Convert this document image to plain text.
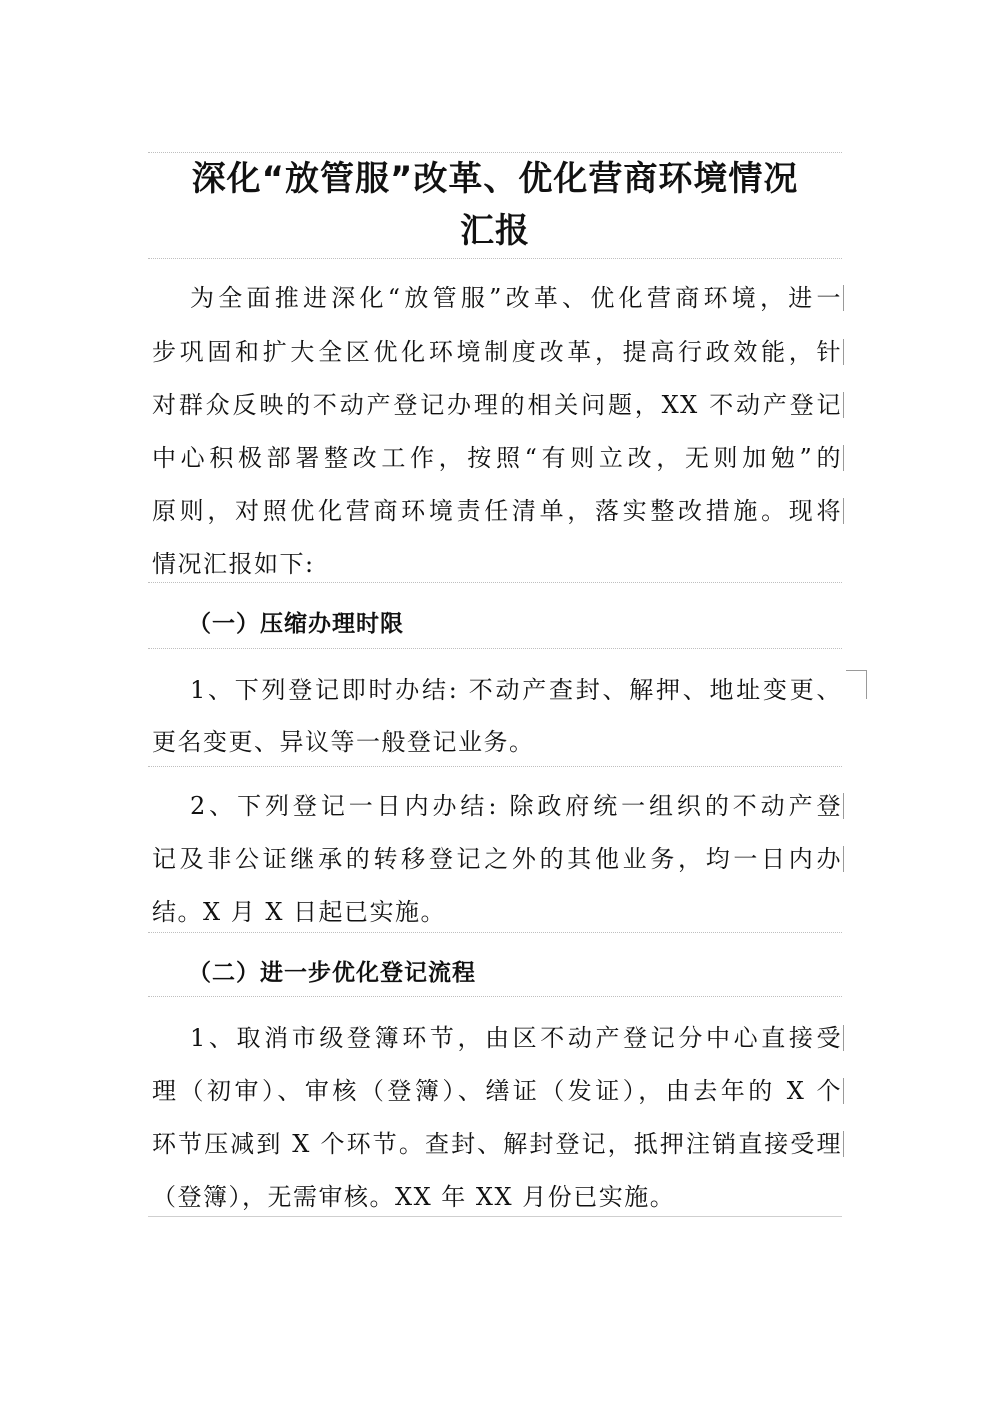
深化“放管服”改革、优化营商环境情况
汇报
为全面推进深化“放管服”改革、优化营商环境，进一
步巩固和扩大全区优化环境制度改革，提高行政效能，针
对群众反映的不动产登记办理的相关问题，XX 不动产登记
中心积极部署整改工作，按照“有则立改，无则加勉”的
原则，对照优化营商环境责任清单，落实整改措施。现将
情况汇报如下:
（一）压缩办理时限
1、下列登记即时办结: 不动产查封、解押、地址变更、
更名变更、异议等一般登记业务。
2、下列登记一日内办结: 除政府统一组织的不动产登
记及非公证继承的转移登记之外的其他业务，均一日内办
结。X 月 X 日起已实施。
（二）进一步优化登记流程
1、取消市级登簿环节，由区不动产登记分中心直接受
理（初审）、审核（登簿）、缮证（发证），由去年的 X 个
环节压减到 X 个环节。查封、解封登记，抵押注销直接受理
（登簿），无需审核。XX 年 XX 月份已实施。
